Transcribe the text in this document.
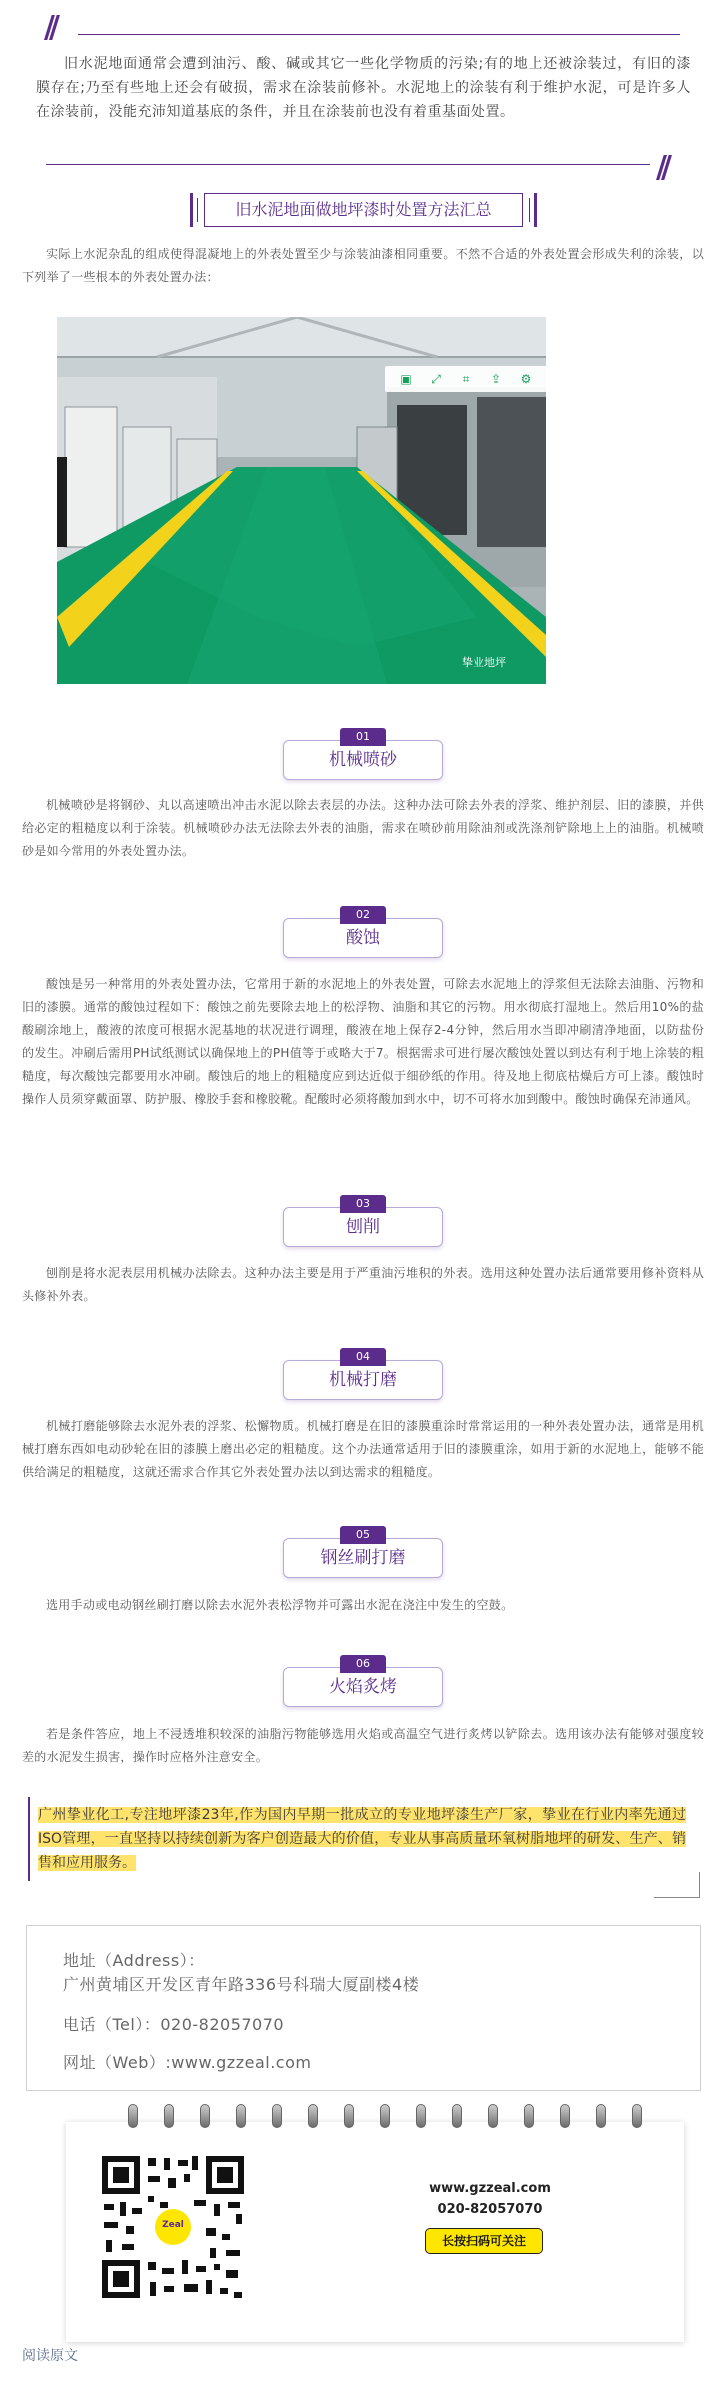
//

旧水泥地面通常会遭到油污、酸、碱或其它一些化学物质的污染;有的地上还被涂装过，有旧的漆膜存在;乃至有些地上还会有破损，需求在涂装前修补。水泥地上的涂装有利于维护水泥，可是许多人在涂装前，没能充沛知道基底的条件，并且在涂装前也没有着重基面处置。

//
旧水泥地面做地坪漆时处置方法汇总

实际上水泥杂乱的组成使得混凝地上的外表处置至少与涂装油漆相同重要。不然不合适的外表处置会形成失利的涂装，以下列举了一些根本的外表处置办法：

▣ ⤢	⌗	⇪ ⚙
挚业地坪
01
机械喷砂

机械喷砂是将钢砂、丸以高速喷出冲击水泥以除去表层的办法。这种办法可除去外表的浮浆、维护剂层、旧的漆膜，并供给必定的粗糙度以利于涂装。机械喷砂办法无法除去外表的油脂，需求在喷砂前用除油剂或洗涤剂铲除地上上的油脂。机械喷砂是如今常用的外表处置办法。

02
酸蚀

酸蚀是另一种常用的外表处置办法，它常用于新的水泥地上的外表处置，可除去水泥地上的浮浆但无法除去油脂、污物和旧的漆膜。通常的酸蚀过程如下：酸蚀之前先要除去地上的松浮物、油脂和其它的污物。用水彻底打湿地上。然后用10%的盐酸刷涂地上，酸液的浓度可根据水泥基地的状况进行调理，酸液在地上保存2-4分钟，然后用水当即冲刷清净地面，以防盐份的发生。冲刷后需用PH试纸测试以确保地上的PH值等于或略大于7。根据需求可进行屡次酸蚀处置以到达有利于地上涂装的粗糙度，每次酸蚀完都要用水冲刷。酸蚀后的地上的粗糙度应到达近似于细砂纸的作用。待及地上彻底枯燥后方可上漆。酸蚀时操作人员须穿戴面罩、防护服、橡胶手套和橡胶靴。配酸时必须将酸加到水中，切不可将水加到酸中。酸蚀时确保充沛通风。

03
刨削

刨削是将水泥表层用机械办法除去。这种办法主要是用于严重油污堆积的外表。选用这种处置办法后通常要用修补资料从头修补外表。

04
机械打磨

机械打磨能够除去水泥外表的浮浆、松懈物质。机械打磨是在旧的漆膜重涂时常常运用的一种外表处置办法，通常是用机械打磨东西如电动砂轮在旧的漆膜上磨出必定的粗糙度。这个办法通常适用于旧的漆膜重涂，如用于新的水泥地上，能够不能供给满足的粗糙度，这就还需求合作其它外表处置办法以到达需求的粗糙度。

05
钢丝刷打磨

选用手动或电动钢丝刷打磨以除去水泥外表松浮物并可露出水泥在浇注中发生的空鼓。

06
火焰炙烤

若是条件答应，地上不浸透堆积较深的油脂污物能够选用火焰或高温空气进行炙烤以铲除去。选用该办法有能够对强度较差的水泥发生损害，操作时应格外注意安全。

广州挚业化工,专注地坪漆23年,作为国内早期一批成立的专业地坪漆生产厂家，挚业在行业内率先通过ISO管理，一直坚持以持续创新为客户创造最大的价值，专业从事高质量环氧树脂地坪的研发、生产、销售和应用服务。

地址（Address）：
广州黄埔区开发区青年路336号科瑞大厦副楼4楼
电话（Tel）：020-82057070
网址（Web）:www.gzzeal.com
Zeal
www.gzzeal.com
020-82057070
长按扫码可关注
阅读原文
